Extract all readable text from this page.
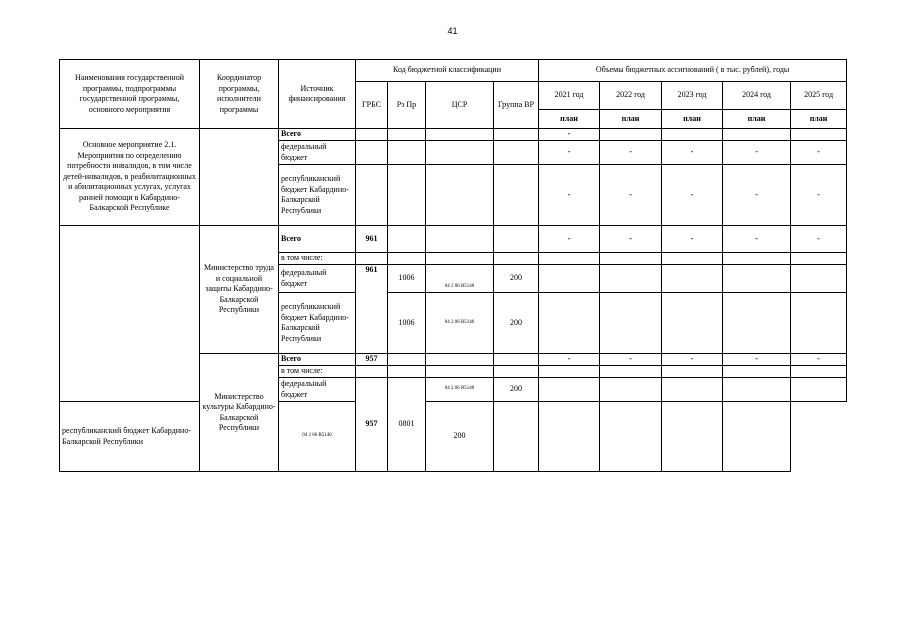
41
Наименования государственной программы, подпрограммы государственной программы, основного мероприятия	Координатор программы, исполнители программы	Источник финансирования	Код бюджетной классификации				Объемы бюджетных ассигнований ( в тыс. рублей), годы				
			ГРБС	Рз Пр	ЦСР	Группа ВР	2021 год	2022 год	2023 год	2024 год	2025 год
							план	план	план	план	план
Основное мероприятие 2.1. Мероприятия по определению потребности инвалидов, в том числе детей-инвалидов, в реабилитационных и абилитационных услугах, услугах ранней помощи в Кабардино-Балкарской Республике		Всего					-				
		федеральный бюджет					-	-	-	-	-
		республиканский бюджет Кабардино-Балкарской Республики					-	-	-	-	-
	Министерство труда и социальной защиты Кабардино-Балкарской Республики	Всего	961				-	-	-	-	-
		в том числе:									
		федеральный бюджет	961	1006	04 2 06 R5140	200					
		республиканский бюджет Кабардино-Балкарской Республики		1006	04 2 06 R5140	200					
	Министерство культуры Кабардино-Балкарской Республики	Всего	957				-	-	-	-	-
		в том числе:									
		федеральный бюджет	957	0801	04 2 06 R5140	200					
республиканский бюджет Кабардино-Балкарской Республики		04 2 06 R5140			200						
